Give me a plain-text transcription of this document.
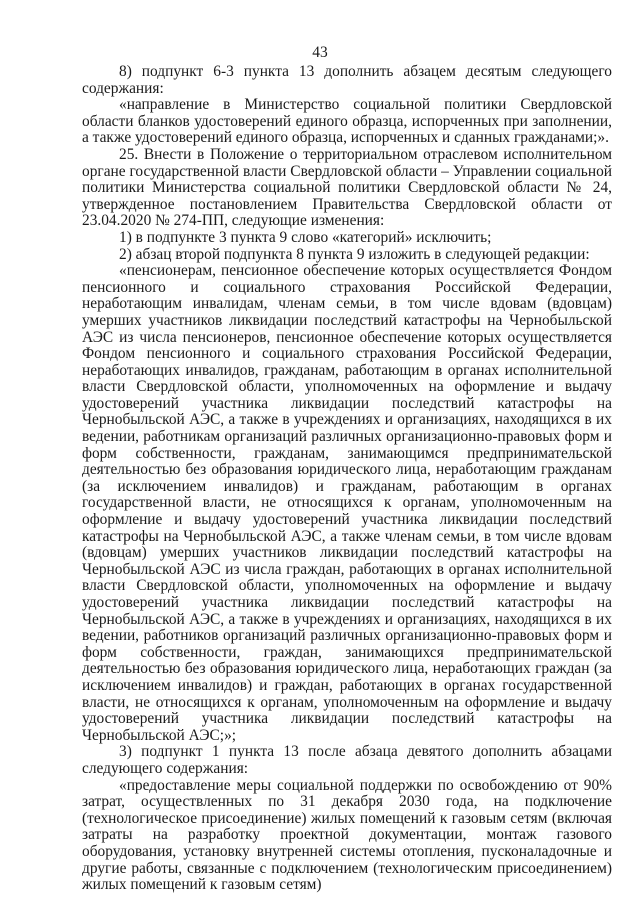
43

8) подпункт 6-3 пункта 13 дополнить абзацем десятым следующего содержания:

«направление в Министерство социальной политики Свердловской области бланков удостоверений единого образца, испорченных при заполнении, а также удостоверений единого образца, испорченных и сданных гражданами;».

25. Внести в Положение о территориальном отраслевом исполнительном органе государственной власти Свердловской области – Управлении социальной политики Министерства социальной политики Свердловской области № 24, утвержденное постановлением Правительства Свердловской области от 23.04.2020 № 274-ПП, следующие изменения:

1) в подпункте 3 пункта 9 слово «категорий» исключить;

2) абзац второй подпункта 8 пункта 9 изложить в следующей редакции:

«пенсионерам, пенсионное обеспечение которых осуществляется Фондом пенсионного и социального страхования Российской Федерации, неработающим инвалидам, членам семьи, в том числе вдовам (вдовцам) умерших участников ликвидации последствий катастрофы на Чернобыльской АЭС из числа пенсионеров, пенсионное обеспечение которых осуществляется Фондом пенсионного и социального страхования Российской Федерации, неработающих инвалидов, гражданам, работающим в органах исполнительной власти Свердловской области, уполномоченных на оформление и выдачу удостоверений участника ликвидации последствий катастрофы на Чернобыльской АЭС, а также в учреждениях и организациях, находящихся в их ведении, работникам организаций различных организационно-правовых форм и форм собственности, гражданам, занимающимся предпринимательской деятельностью без образования юридического лица, неработающим гражданам (за исключением инвалидов) и гражданам, работающим в органах государственной власти, не относящихся к органам, уполномоченным на оформление и выдачу удостоверений участника ликвидации последствий катастрофы на Чернобыльской АЭС, а также членам семьи, в том числе вдовам (вдовцам) умерших участников ликвидации последствий катастрофы на Чернобыльской АЭС из числа граждан, работающих в органах исполнительной власти Свердловской области, уполномоченных на оформление и выдачу удостоверений участника ликвидации последствий катастрофы на Чернобыльской АЭС, а также в учреждениях и организациях, находящихся в их ведении, работников организаций различных организационно-правовых форм и форм собственности, граждан, занимающихся предпринимательской деятельностью без образования юридического лица, неработающих граждан (за исключением инвалидов) и граждан, работающих в органах государственной власти, не относящихся к органам, уполномоченным на оформление и выдачу удостоверений участника ликвидации последствий катастрофы на Чернобыльской АЭС;»;

3) подпункт 1 пункта 13 после абзаца девятого дополнить абзацами следующего содержания:

«предоставление меры социальной поддержки по освобождению от 90% затрат, осуществленных по 31 декабря 2030 года, на подключение (технологическое присоединение) жилых помещений к газовым сетям (включая затраты на разработку проектной документации, монтаж газового оборудования, установку внутренней системы отопления, пусконаладочные и другие работы, связанные с подключением (технологическим присоединением) жилых помещений к газовым сетям)
